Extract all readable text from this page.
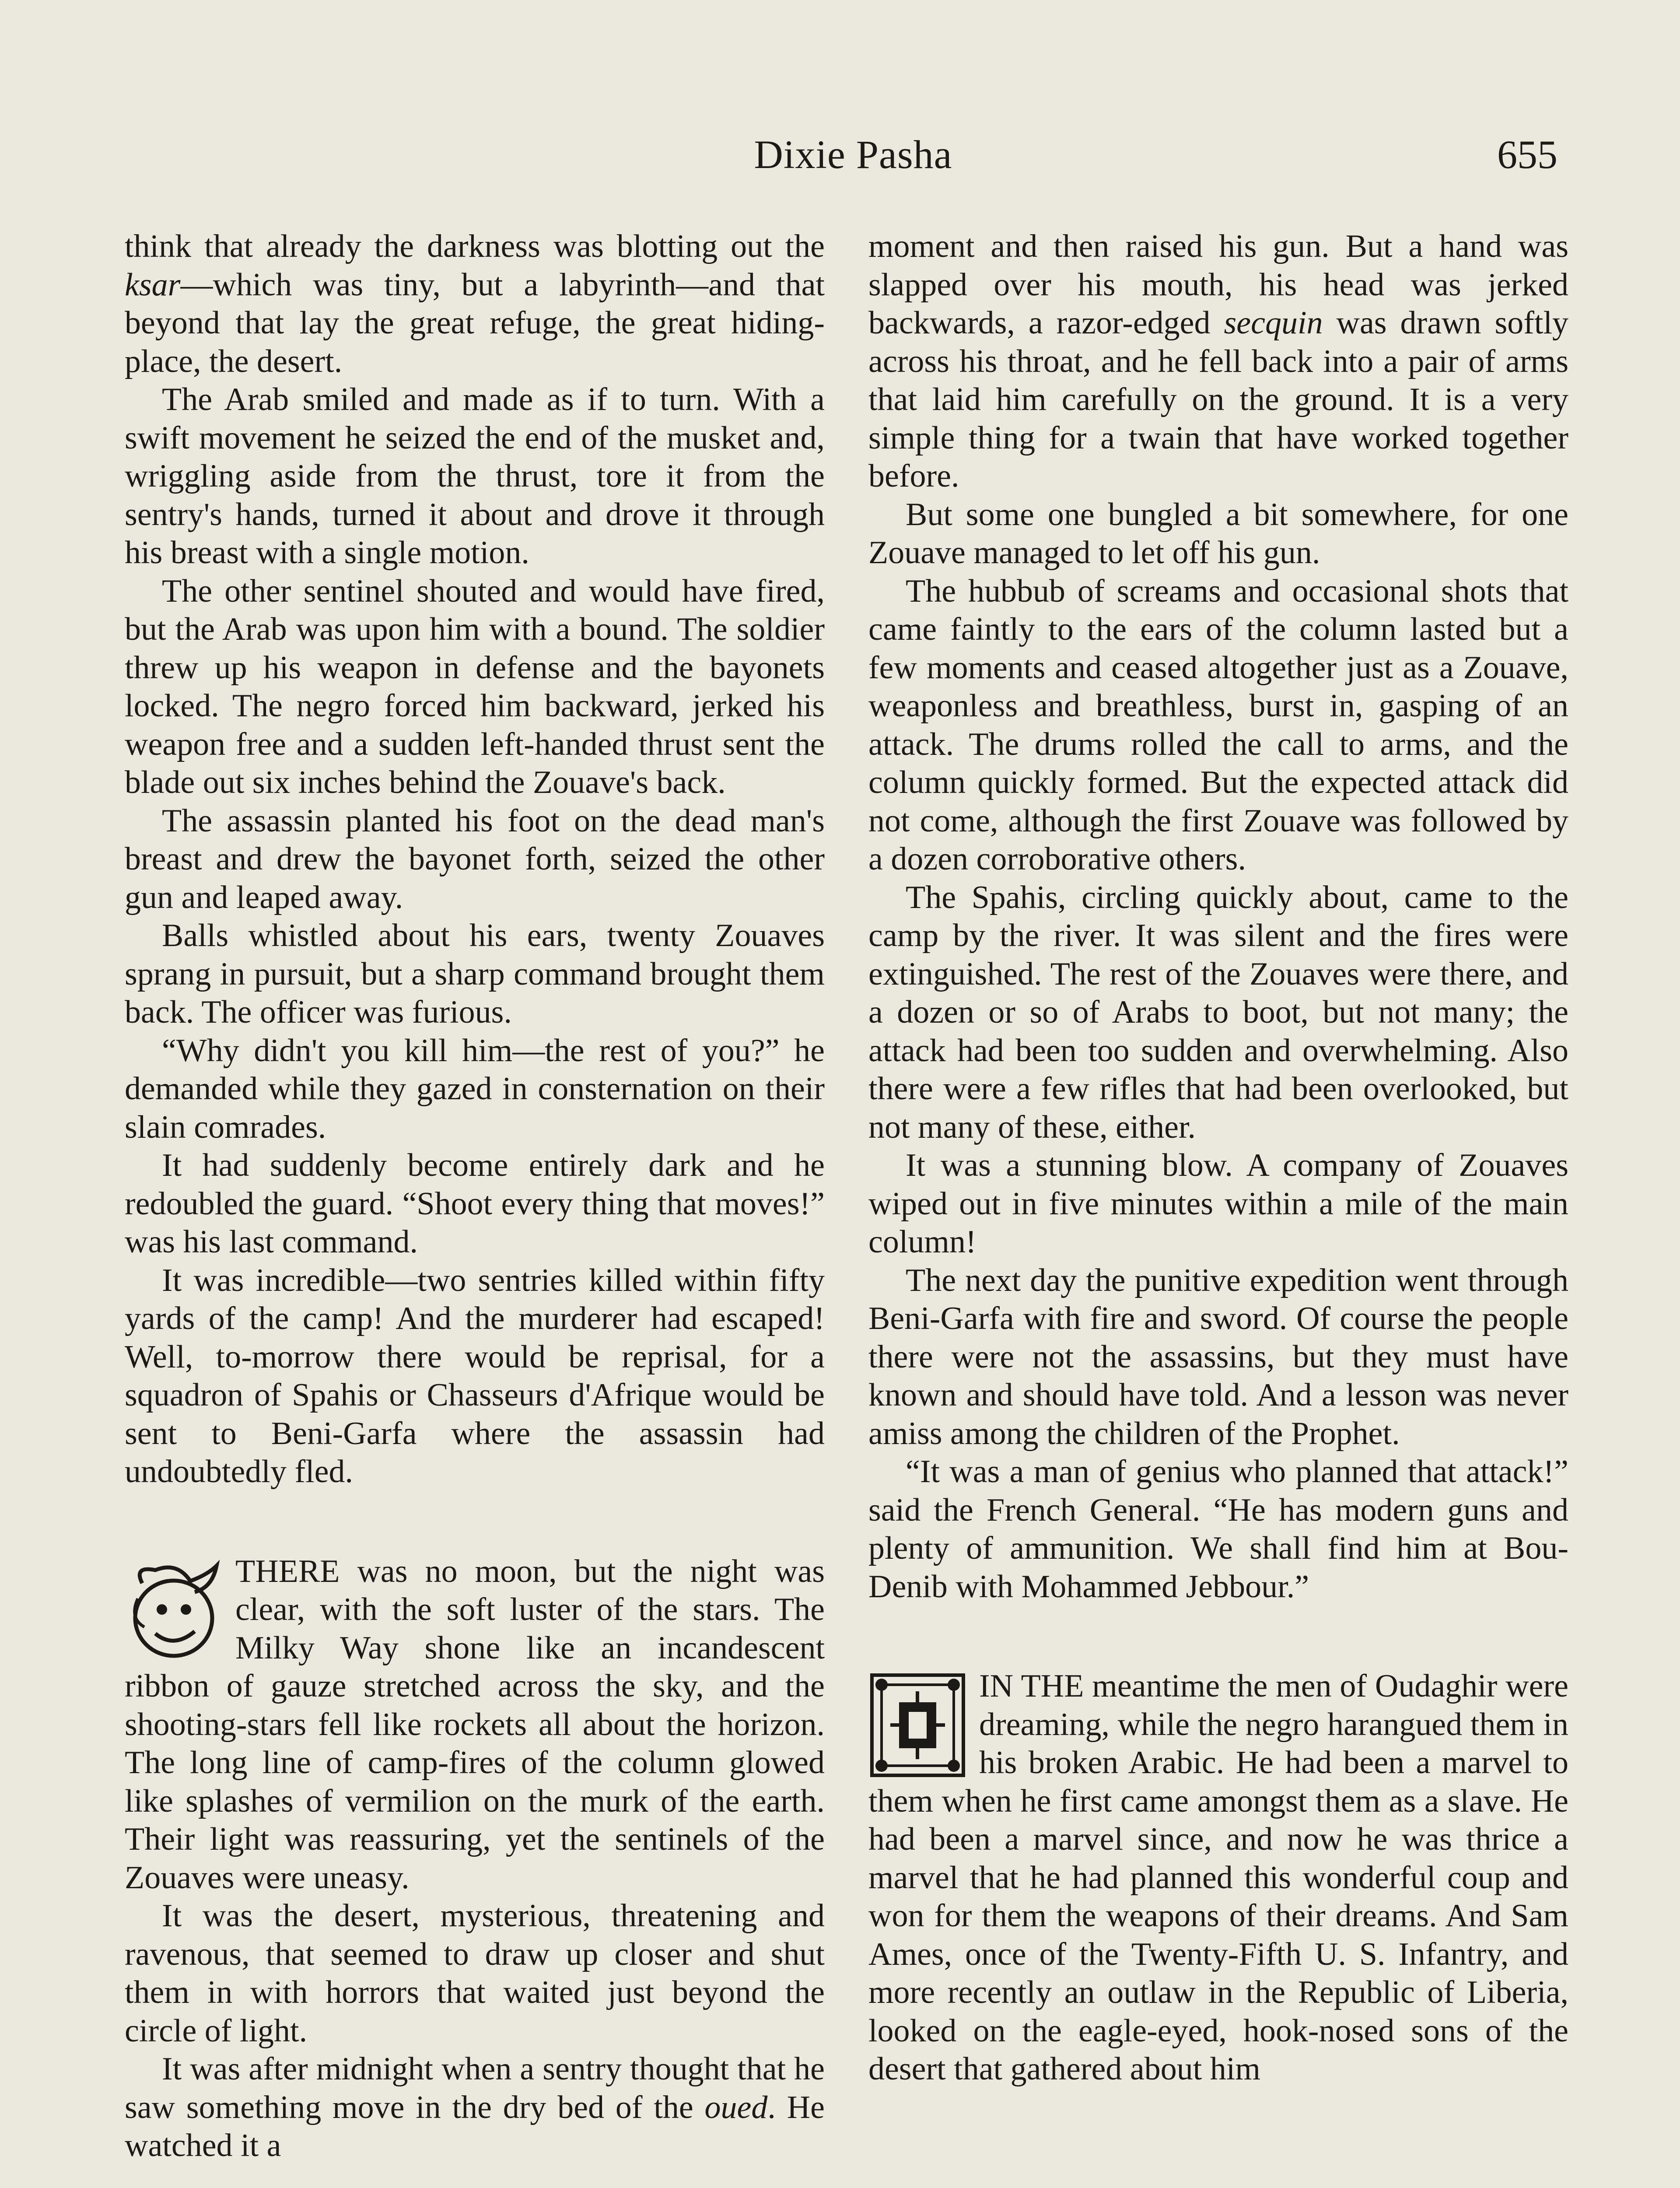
Dixie Pasha	655

think that already the darkness was blotting out the ksar—which was tiny, but a labyrinth—and that beyond that lay the great refuge, the great hiding-place, the desert.

The Arab smiled and made as if to turn. With a swift movement he seized the end of the musket and, wriggling aside from the thrust, tore it from the sentry's hands, turned it about and drove it through his breast with a single motion.

The other sentinel shouted and would have fired, but the Arab was upon him with a bound. The soldier threw up his weapon in defense and the bayonets locked. The negro forced him backward, jerked his weapon free and a sudden left-handed thrust sent the blade out six inches behind the Zouave's back.

The assassin planted his foot on the dead man's breast and drew the bayonet forth, seized the other gun and leaped away.

Balls whistled about his ears, twenty Zouaves sprang in pursuit, but a sharp command brought them back. The officer was furious.

“Why didn't you kill him—the rest of you?” he demanded while they gazed in consternation on their slain comrades.

It had suddenly become entirely dark and he redoubled the guard. “Shoot every thing that moves!” was his last command.

It was incredible—two sentries killed within fifty yards of the camp! And the murderer had escaped! Well, to-morrow there would be reprisal, for a squadron of Spahis or Chasseurs d'Afrique would be sent to Beni-Garfa where the assassin had undoubtedly fled.

THERE was no moon, but the night was clear, with the soft luster of the stars. The Milky Way shone like an incandescent ribbon of gauze stretched across the sky, and the shooting-stars fell like rockets all about the horizon. The long line of camp-fires of the column glowed like splashes of vermilion on the murk of the earth. Their light was reassuring, yet the sentinels of the Zouaves were uneasy.

It was the desert, mysterious, threatening and ravenous, that seemed to draw up closer and shut them in with horrors that waited just beyond the circle of light.

It was after midnight when a sentry thought that he saw something move in the dry bed of the oued. He watched it a

moment and then raised his gun. But a hand was slapped over his mouth, his head was jerked backwards, a razor-edged secquin was drawn softly across his throat, and he fell back into a pair of arms that laid him carefully on the ground. It is a very simple thing for a twain that have worked together before.

But some one bungled a bit somewhere, for one Zouave managed to let off his gun.

The hubbub of screams and occasional shots that came faintly to the ears of the column lasted but a few moments and ceased altogether just as a Zouave, weaponless and breathless, burst in, gasping of an attack. The drums rolled the call to arms, and the column quickly formed. But the expected attack did not come, although the first Zouave was followed by a dozen corroborative others.

The Spahis, circling quickly about, came to the camp by the river. It was silent and the fires were extinguished. The rest of the Zouaves were there, and a dozen or so of Arabs to boot, but not many; the attack had been too sudden and overwhelming. Also there were a few rifles that had been overlooked, but not many of these, either.

It was a stunning blow. A company of Zouaves wiped out in five minutes within a mile of the main column!

The next day the punitive expedition went through Beni-Garfa with fire and sword. Of course the people there were not the assassins, but they must have known and should have told. And a lesson was never amiss among the children of the Prophet.

“It was a man of genius who planned that attack!” said the French General. “He has modern guns and plenty of ammunition. We shall find him at Bou-Denib with Mohammed Jebbour.”

IN THE meantime the men of Oudaghir were dreaming, while the negro harangued them in his broken Arabic. He had been a marvel to them when he first came amongst them as a slave. He had been a marvel since, and now he was thrice a marvel that he had planned this wonderful coup and won for them the weapons of their dreams. And Sam Ames, once of the Twenty-Fifth U. S. Infantry, and more recently an outlaw in the Republic of Liberia, looked on the eagle-eyed, hook-nosed sons of the desert that gathered about him
